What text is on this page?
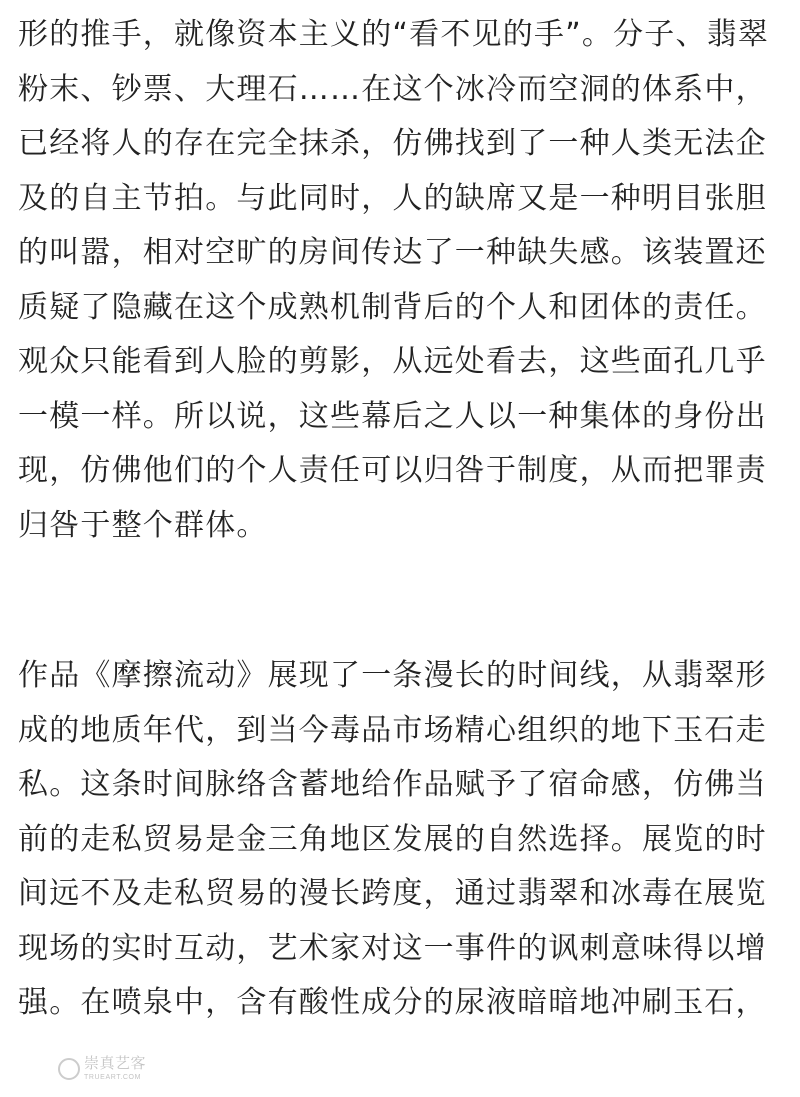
形的推手，就像资本主义的“看不见的手”。分子、翡翠
粉末、钞票、大理石……在这个冰冷而空洞的体系中，
已经将人的存在完全抹杀，仿佛找到了一种人类无法企
及的自主节拍。与此同时，人的缺席又是一种明目张胆
的叫嚣，相对空旷的房间传达了一种缺失感。该装置还
质疑了隐藏在这个成熟机制背后的个人和团体的责任。
观众只能看到人脸的剪影，从远处看去，这些面孔几乎
一模一样。所以说，这些幕后之人以一种集体的身份出
现，仿佛他们的个人责任可以归咎于制度，从而把罪责
归咎于整个群体。
作品《摩擦流动》展现了一条漫长的时间线，从翡翠形
成的地质年代，到当今毒品市场精心组织的地下玉石走
私。这条时间脉络含蓄地给作品赋予了宿命感，仿佛当
前的走私贸易是金三角地区发展的自然选择。展览的时
间远不及走私贸易的漫长跨度，通过翡翠和冰毒在展览
现场的实时互动，艺术家对这一事件的讽刺意味得以增
强。在喷泉中，含有酸性成分的尿液暗暗地冲刷玉石，
崇真艺客
TRUEART.COM
